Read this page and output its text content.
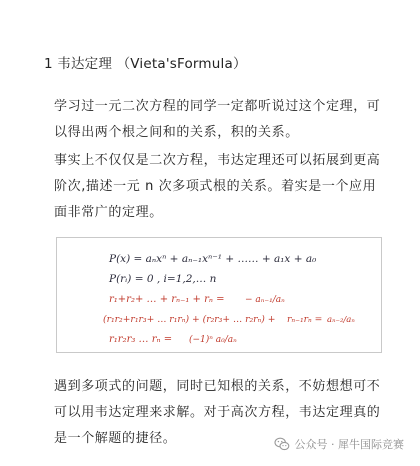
1 韦达定理 （Vieta'sFormula）
学习过一元二次方程的同学一定都听说过这个定理，可
以得出两个根之间和的关系，积的关系。
事实上不仅仅是二次方程，韦达定理还可以拓展到更高
阶次,描述一元 n 次多项式根的关系。着实是一个应用
面非常广的定理。
P(x) = aₙxⁿ + aₙ₋₁xⁿ⁻¹ + …… + a₁x + a₀
P(rᵢ) = 0 , i=1,2,… n
r₁+r₂+ … + rₙ₋₁ + rₙ = − aₙ₋₁/aₙ
(r₁r₂+r₁r₃+ … r₁rₙ) + (r₂r₃+ … r₂rₙ) + rₙ₋₁rₙ = aₙ₋₂/aₙ
r₁r₂r₃ … rₙ = (−1)ⁿ a₀/aₙ
遇到多项式的问题，同时已知根的关系，不妨想想可不
可以用韦达定理来求解。对于高次方程，韦达定理真的
是一个解题的捷径。	公众号 · 犀牛国际竞赛
